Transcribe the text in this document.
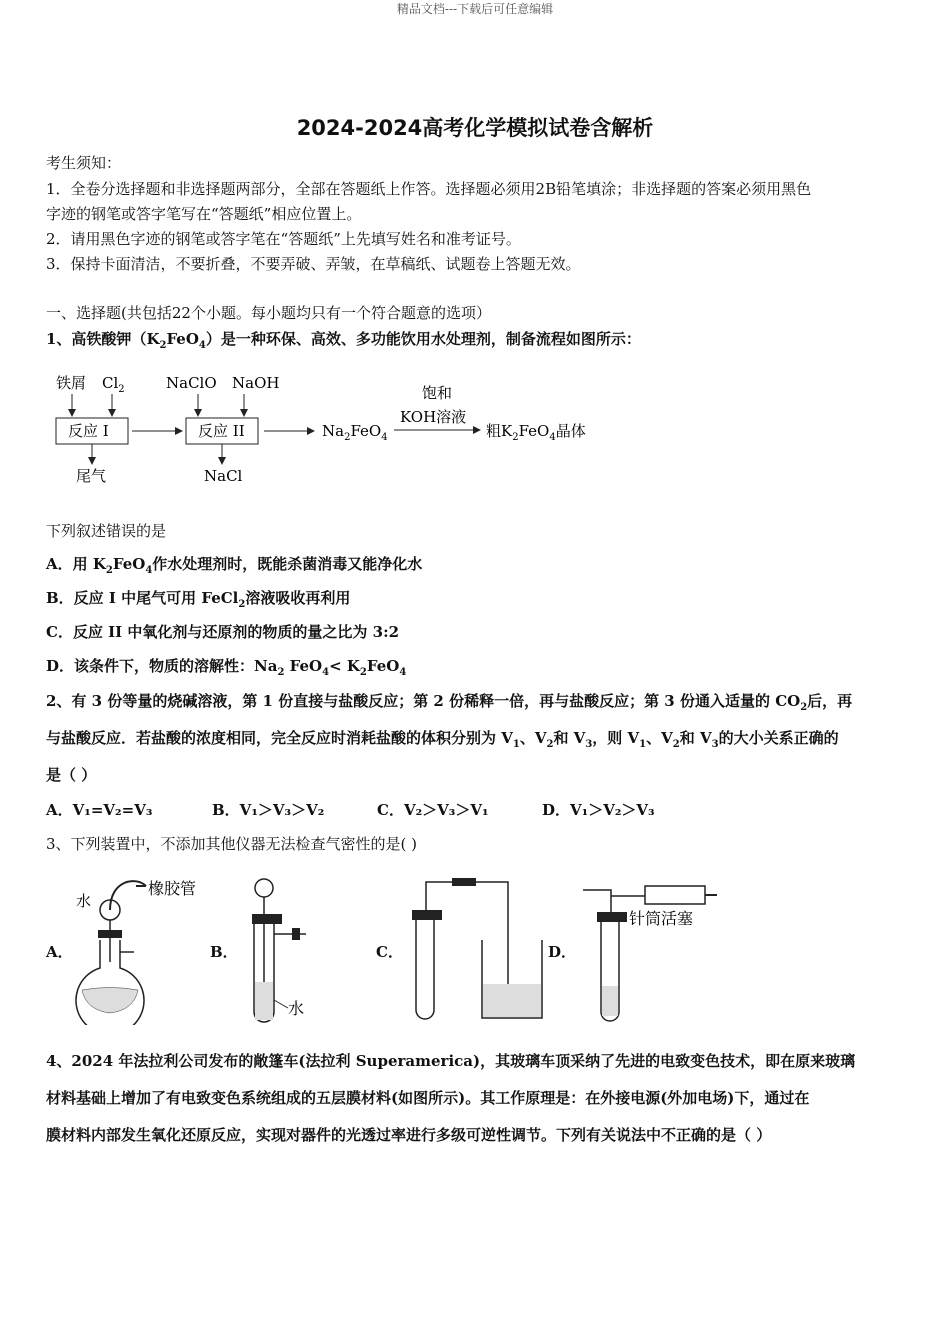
精品文档---下载后可任意编辑
2024-2024高考化学模拟试卷含解析
考生须知：
1．全卷分选择题和非选择题两部分，全部在答题纸上作答。选择题必须用2B铅笔填涂；非选择题的答案必须用黑色
字迹的钢笔或答字笔写在“答题纸”相应位置上。
2．请用黑色字迹的钢笔或答字笔在“答题纸”上先填写姓名和准考证号。
3．保持卡面清洁，不要折叠，不要弄破、弄皱，在草稿纸、试题卷上答题无效。
一、选择题(共包括22个小题。每小题均只有一个符合题意的选项）
1、高铁酸钾$(K_2FeO_4)$是一种环保、高效、多功能饮用水处理剂，制备流程如图所示：
铁屑 $Cl_2$
反应 I
尾气
NaClO NaOH
反应 II
NaCl
$Na_2FeO_4$
饱和
KOH溶液
粗$K_2FeO_4$晶体
下列叙述错误的是
A．用 $K_2FeO_4$作水处理剂时，既能杀菌消毒又能净化水
B．反应 I 中尾气可用 FeCl$_2$溶液吸收再利用
C．反应 II 中氧化剂与还原剂的物质的量之比为 3:2
D．该条件下，物质的溶解性：$Na_2$ $FeO_4< K_2FeO_4$
2、有 3 份等量的烧碱溶液，第 1 份直接与盐酸反应；第 2 份稀释一倍，再与盐酸反应；第 3 份通入适量的 $CO_2$后，再
与盐酸反应．若盐酸的浓度相同，完全反应时消耗盐酸的体积分别为 $V_1$、$V_2$和 $V_3$，则 $V_1$、$V_2$和 $V_3$的大小关系正确的
是（ ）
A．V₁=V₂=V₃	B．V₁＞V₃＞V₂	C．V₂＞V₃＞V₁	D．V₁＞V₂＞V₃
3、下列装置中，不添加其他仪器无法检查气密性的是( )
A．	B．	C．	D．
水
橡胶管
水
针筒活塞
4、2024 年法拉利公司发布的敞篷车(法拉利 Superamerica)，其玻璃车顶采纳了先进的电致变色技术，即在原来玻璃
材料基础上增加了有电致变色系统组成的五层膜材料(如图所示)。其工作原理是：在外接电源(外加电场)下，通过在
膜材料内部发生氧化还原反应，实现对器件的光透过率进行多级可逆性调节。下列有关说法中不正确的是（ ）
